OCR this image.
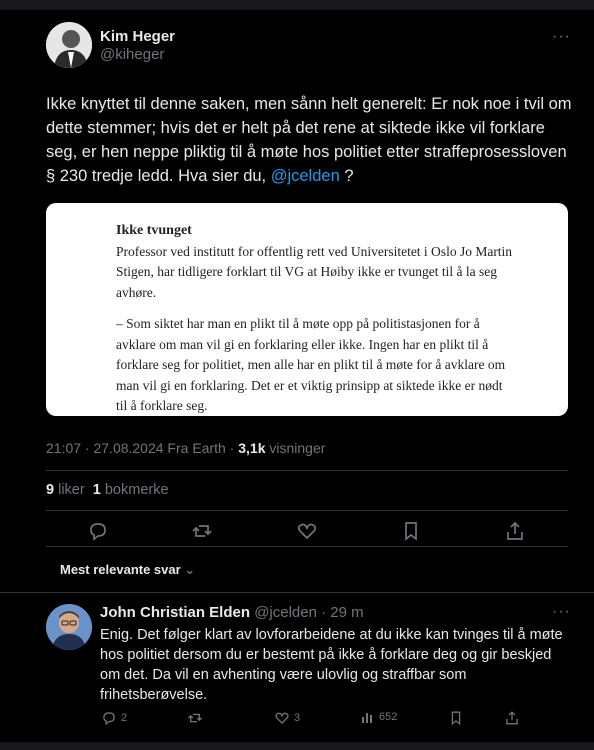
Kim Heger
@kiheger
···
Ikke knyttet til denne saken, men sånn helt generelt: Er nok noe i tvil om dette stemmer; hvis det er helt på det rene at siktede ikke vil forklare seg, er hen neppe pliktig til å møte hos politiet etter straffeprosessloven § 230 tredje ledd. Hva sier du, @jcelden ?
Ikke tvunget

Professor ved institutt for offentlig rett ved Universitetet i Oslo Jo Martin Stigen, har tidligere forklart til VG at Høiby ikke er tvunget til å la seg avhøre.

– Som siktet har man en plikt til å møte opp på politistasjonen for å avklare om man vil gi en forklaring eller ikke. Ingen har en plikt til å forklare seg for politiet, men alle har en plikt til å møte for å avklare om man vil gi en forklaring. Det er et viktig prinsipp at siktede ikke er nødt til å forklare seg.

21:07 · 27.08.2024 Fra Earth · 3,1k visninger
9 liker 1 bokmerke
Mest relevante svar ⌄
John Christian Elden @jcelden · 29 m	···
Enig. Det følger klart av lovforarbeidene at du ikke kan tvinges til å møte hos politiet dersom du er bestemt på ikke å forklare deg og gir beskjed om det. Da vil en avhenting være ulovlig og straffbar som frihetsberøvelse.
2	3	652
